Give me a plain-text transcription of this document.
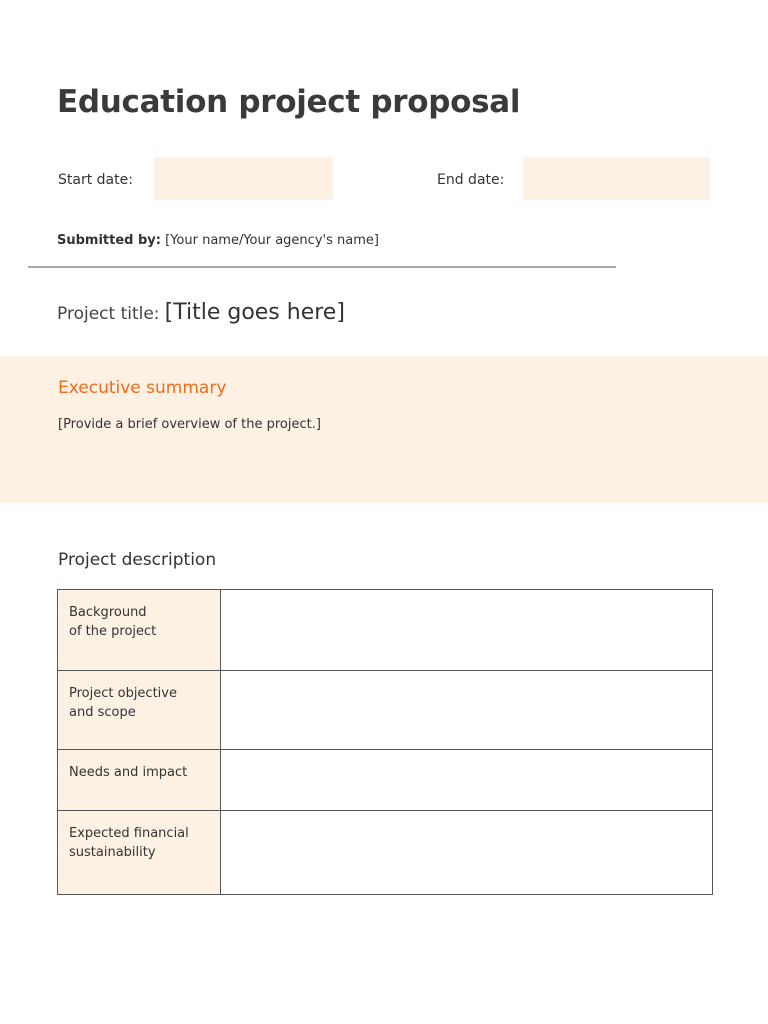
Education project proposal
Start date:	End date:
Submitted by: [Your name/Your agency's name]
Project title: [Title goes here]
Executive summary

[Provide a brief overview of the project.]

Project description
Background
of the project	

Project objective
and scope	

Needs and impact	

Expected financial
sustainability	
